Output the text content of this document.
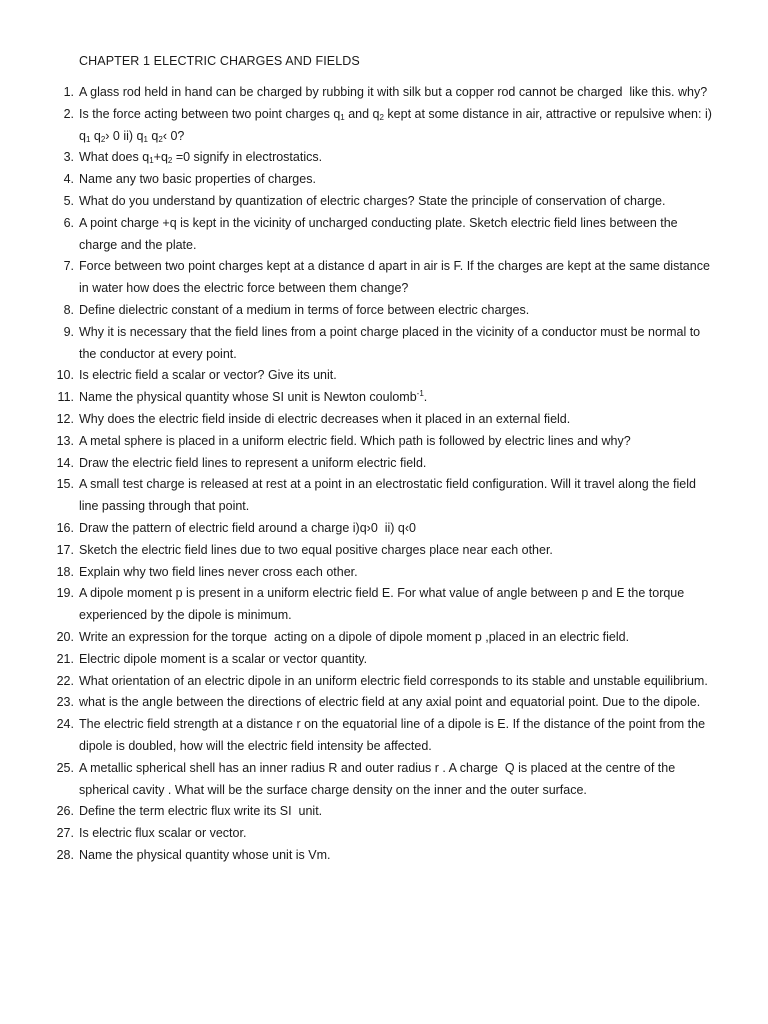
CHAPTER 1 ELECTRIC CHARGES AND FIELDS
1. A glass rod held in hand can be charged by rubbing it with silk but a copper rod cannot be charged  like this. why?
2. Is the force acting between two point charges $q_1$ and $q_2$ kept at some distance in air, attractive or repulsive when: i) $q_1$ $q_2›$ 0 ii) $q_1$ $q_2‹$ 0?
3. What does $q_1+q_2 =0$ signify in electrostatics.
4. Name any two basic properties of charges.
5. What do you understand by quantization of electric charges? State the principle of conservation of charge.
6. A point charge +q is kept in the vicinity of uncharged conducting plate. Sketch electric field lines between the charge and the plate.
7. Force between two point charges kept at a distance d apart in air is F. If the charges are kept at the same distance in water how does the electric force between them change?
8. Define dielectric constant of a medium in terms of force between electric charges.
9. Why it is necessary that the field lines from a point charge placed in the vicinity of a conductor must be normal to the conductor at every point.
10. Is electric field a scalar or vector? Give its unit.
11. Name the physical quantity whose SI unit is Newton coulomb$^{-1}$.
12. Why does the electric field inside di electric decreases when it placed in an external field.
13. A metal sphere is placed in a uniform electric field. Which path is followed by electric lines and why?
14. Draw the electric field lines to represent a uniform electric field.
15. A small test charge is released at rest at a point in an electrostatic field configuration. Will it travel along the field line passing through that point.
16. Draw the pattern of electric field around a charge i)q›0  ii) q‹0
17. Sketch the electric field lines due to two equal positive charges place near each other.
18. Explain why two field lines never cross each other.
19. A dipole moment p is present in a uniform electric field E. For what value of angle between p and E the torque experienced by the dipole is minimum.
20. Write an expression for the torque  acting on a dipole of dipole moment p ,placed in an electric field.
21. Electric dipole moment is a scalar or vector quantity.
22. What orientation of an electric dipole in an uniform electric field corresponds to its stable and unstable equilibrium.
23. what is the angle between the directions of electric field at any axial point and equatorial point. Due to the dipole.
24. The electric field strength at a distance r on the equatorial line of a dipole is E. If the distance of the point from the dipole is doubled, how will the electric field intensity be affected.
25. A metallic spherical shell has an inner radius R and outer radius r . A charge  Q is placed at the centre of the spherical cavity . What will be the surface charge density on the inner and the outer surface.
26. Define the term electric flux write its SI  unit.
27. Is electric flux scalar or vector.
28. Name the physical quantity whose unit is Vm.
